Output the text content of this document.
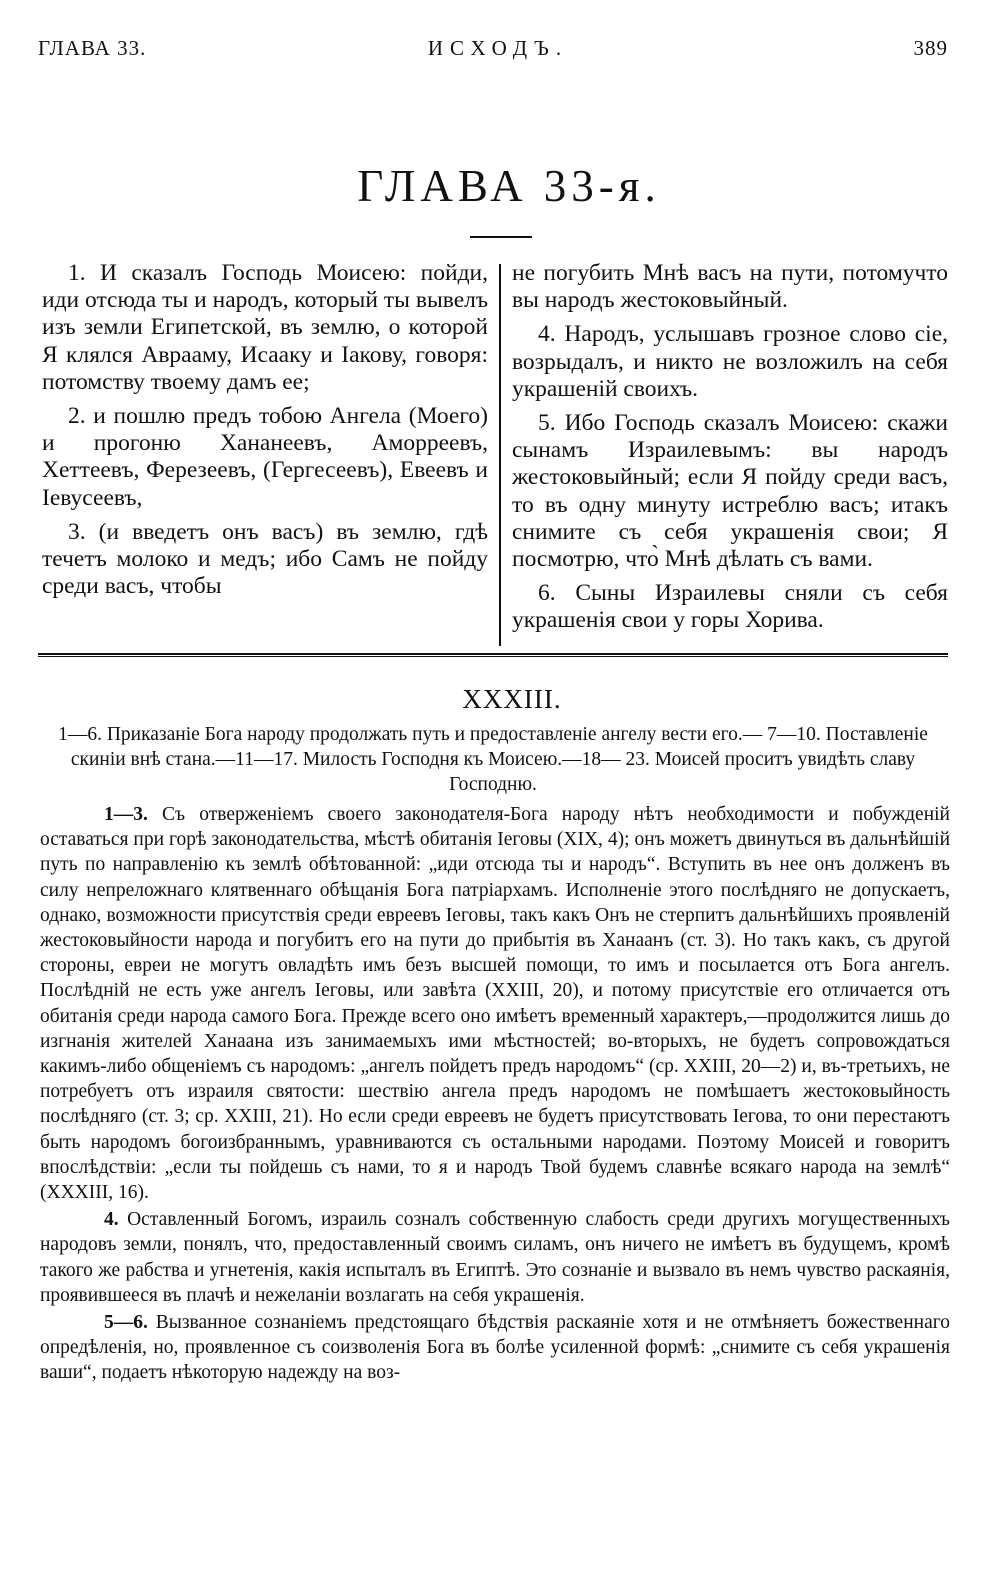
ГЛАВА 33.	ИСХОДЪ.	389
ГЛАВА 33-я.

1. И сказалъ Господь Моисею: пойди, иди отсюда ты и народъ, который ты вывелъ изъ земли Египетской, въ землю, о которой Я клялся Аврааму, Исааку и Іакову, говоря: потомству твоему дамъ ее;

2. и пошлю предъ тобою Ангела (Моего) и прогоню Хананеевъ, Аморреевъ, Хеттеевъ, Ферезеевъ, (Гергесеевъ), Евеевъ и Іевусеевъ,

3. (и введетъ онъ васъ) въ землю, гдѣ течетъ молоко и медъ; ибо Самъ не пойду среди васъ, чтобы

не погубить Мнѣ васъ на пути, потомучто вы народъ жестоковыйный.

4. Народъ, услышавъ грозное слово сіе, возрыдалъ, и никто не возложилъ на себя украшеній своихъ.

5. Ибо Господь сказалъ Моисею: скажи сынамъ Израилевымъ: вы народъ жестоковыйный; если Я пойду среди васъ, то въ одну минуту истреблю васъ; итакъ снимите съ себя украшенія свои; Я посмотрю, что̀ Мнѣ дѣлать съ вами.

6. Сыны Израилевы сняли съ себя украшенія свои у горы Хорива.

XXXIII.
1—6. Приказаніе Бога народу продолжать путь и предоставленіе ангелу вести его.— 7—10. Поставленіе скиніи внѣ стана.—11—17. Милость Господня къ Моисею.—18— 23. Моисей проситъ увидѣть славу Господню.

1—3. Съ отверженіемъ своего законодателя-Бога народу нѣтъ необходимости и побужденій оставаться при горѣ законодательства, мѣстѣ обитанія Іеговы (XIX, 4); онъ можетъ двинуться въ дальнѣйшій путь по направленію къ землѣ обѣтованной: „иди отсюда ты и народъ“. Вступить въ нее онъ долженъ въ силу непреложнаго клятвеннаго обѣщанія Бога патріархамъ. Исполненіе этого послѣдняго не допускаетъ, однако, возможности присутствія среди евреевъ Іеговы, такъ какъ Онъ не стерпитъ дальнѣйшихъ проявленій жестоковыйности народа и погубитъ его на пути до прибытія въ Ханаанъ (ст. 3). Но такъ какъ, съ другой стороны, евреи не могутъ овладѣть имъ безъ высшей помощи, то имъ и посылается отъ Бога ангелъ. Послѣдній не есть уже ангелъ Іеговы, или завѣта (XXIII, 20), и потому присутствіе его отличается отъ обитанія среди народа самого Бога. Прежде всего оно имѣетъ временный характеръ,—продолжится лишь до изгнанія жителей Ханаана изъ занимаемыхъ ими мѣстностей; во-вторыхъ, не будетъ сопровождаться какимъ-либо общеніемъ съ народомъ: „ангелъ пойдетъ предъ народомъ“ (ср. XXIII, 20—2) и, въ-третьихъ, не потребуетъ отъ израиля святости: шествію ангела предъ народомъ не помѣшаетъ жестоковыйность послѣдняго (ст. 3; ср. XXIII, 21). Но если среди евреевъ не будетъ присутствовать Іегова, то они перестаютъ быть народомъ богоизбраннымъ, уравниваются съ остальными народами. Поэтому Моисей и говоритъ впослѣдствіи: „если ты пойдешь съ нами, то я и народъ Твой будемъ славнѣе всякаго народа на землѣ“ (XXXIII, 16).

4. Оставленный Богомъ, израиль созналъ собственную слабость среди другихъ могущественныхъ народовъ земли, понялъ, что, предоставленный своимъ силамъ, онъ ничего не имѣетъ въ будущемъ, кромѣ такого же рабства и угнетенія, какія испыталъ въ Египтѣ. Это сознаніе и вызвало въ немъ чувство раскаянія, проявившееся въ плачѣ и нежеланіи возлагать на себя украшенія.

5—6. Вызванное сознаніемъ предстоящаго бѣдствія раскаяніе хотя и не отмѣняетъ божественнаго опредѣленія, но, проявленное съ соизволенія Бога въ болѣе усиленной формѣ: „снимите съ себя украшенія ваши“, подаетъ нѣкоторую надежду на воз-
